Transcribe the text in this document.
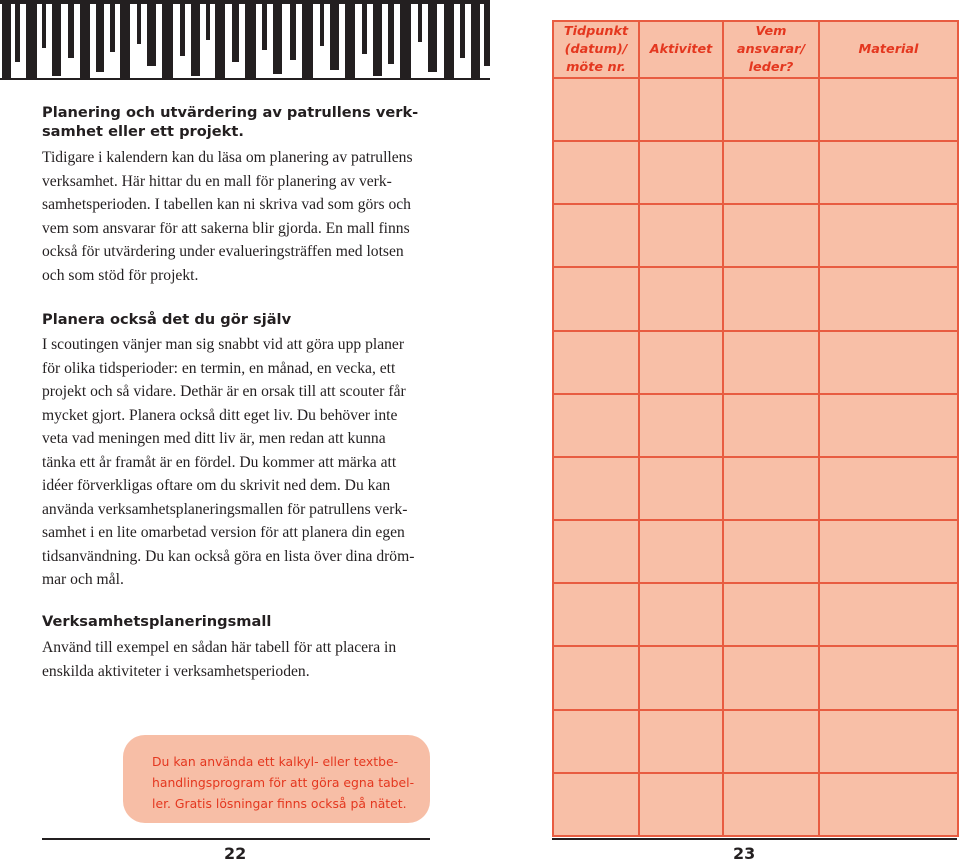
Planering och utvärdering av patrullens verk-
samhet eller ett projekt.

Tidigare i kalendern kan du läsa om planering av patrullens
verksamhet. Här hittar du en mall för planering av verk-
samhetsperioden. I tabellen kan ni skriva vad som görs och
vem som ansvarar för att sakerna blir gjorda. En mall finns
också för utvärdering under evalueringsträffen med lotsen
och som stöd för projekt.

Planera också det du gör själv

I scoutingen vänjer man sig snabbt vid att göra upp planer
för olika tidsperioder: en termin, en månad, en vecka, ett
projekt och så vidare. Dethär är en orsak till att scouter får
mycket gjort. Planera också ditt eget liv. Du behöver inte
veta vad meningen med ditt liv är, men redan att kunna
tänka ett år framåt är en fördel. Du kommer att märka att
idéer förverkligas oftare om du skrivit ned dem. Du kan
använda verksamhetsplaneringsmallen för patrullens verk-
samhet i en lite omarbetad version för att planera din egen
tidsanvändning. Du kan också göra en lista över dina dröm-
mar och mål.

Verksamhetsplaneringsmall

Använd till exempel en sådan här tabell för att placera in
enskilda aktiviteter i verksamhetsperioden.

Du kan använda ett kalkyl- eller textbe-
handlingsprogram för att göra egna tabel-
ler. Gratis lösningar finns också på nätet.

22	23

Tidpunkt
(datum)/
möte nr.	Aktivitet	Vem
ansvarar/
leder?	Material
